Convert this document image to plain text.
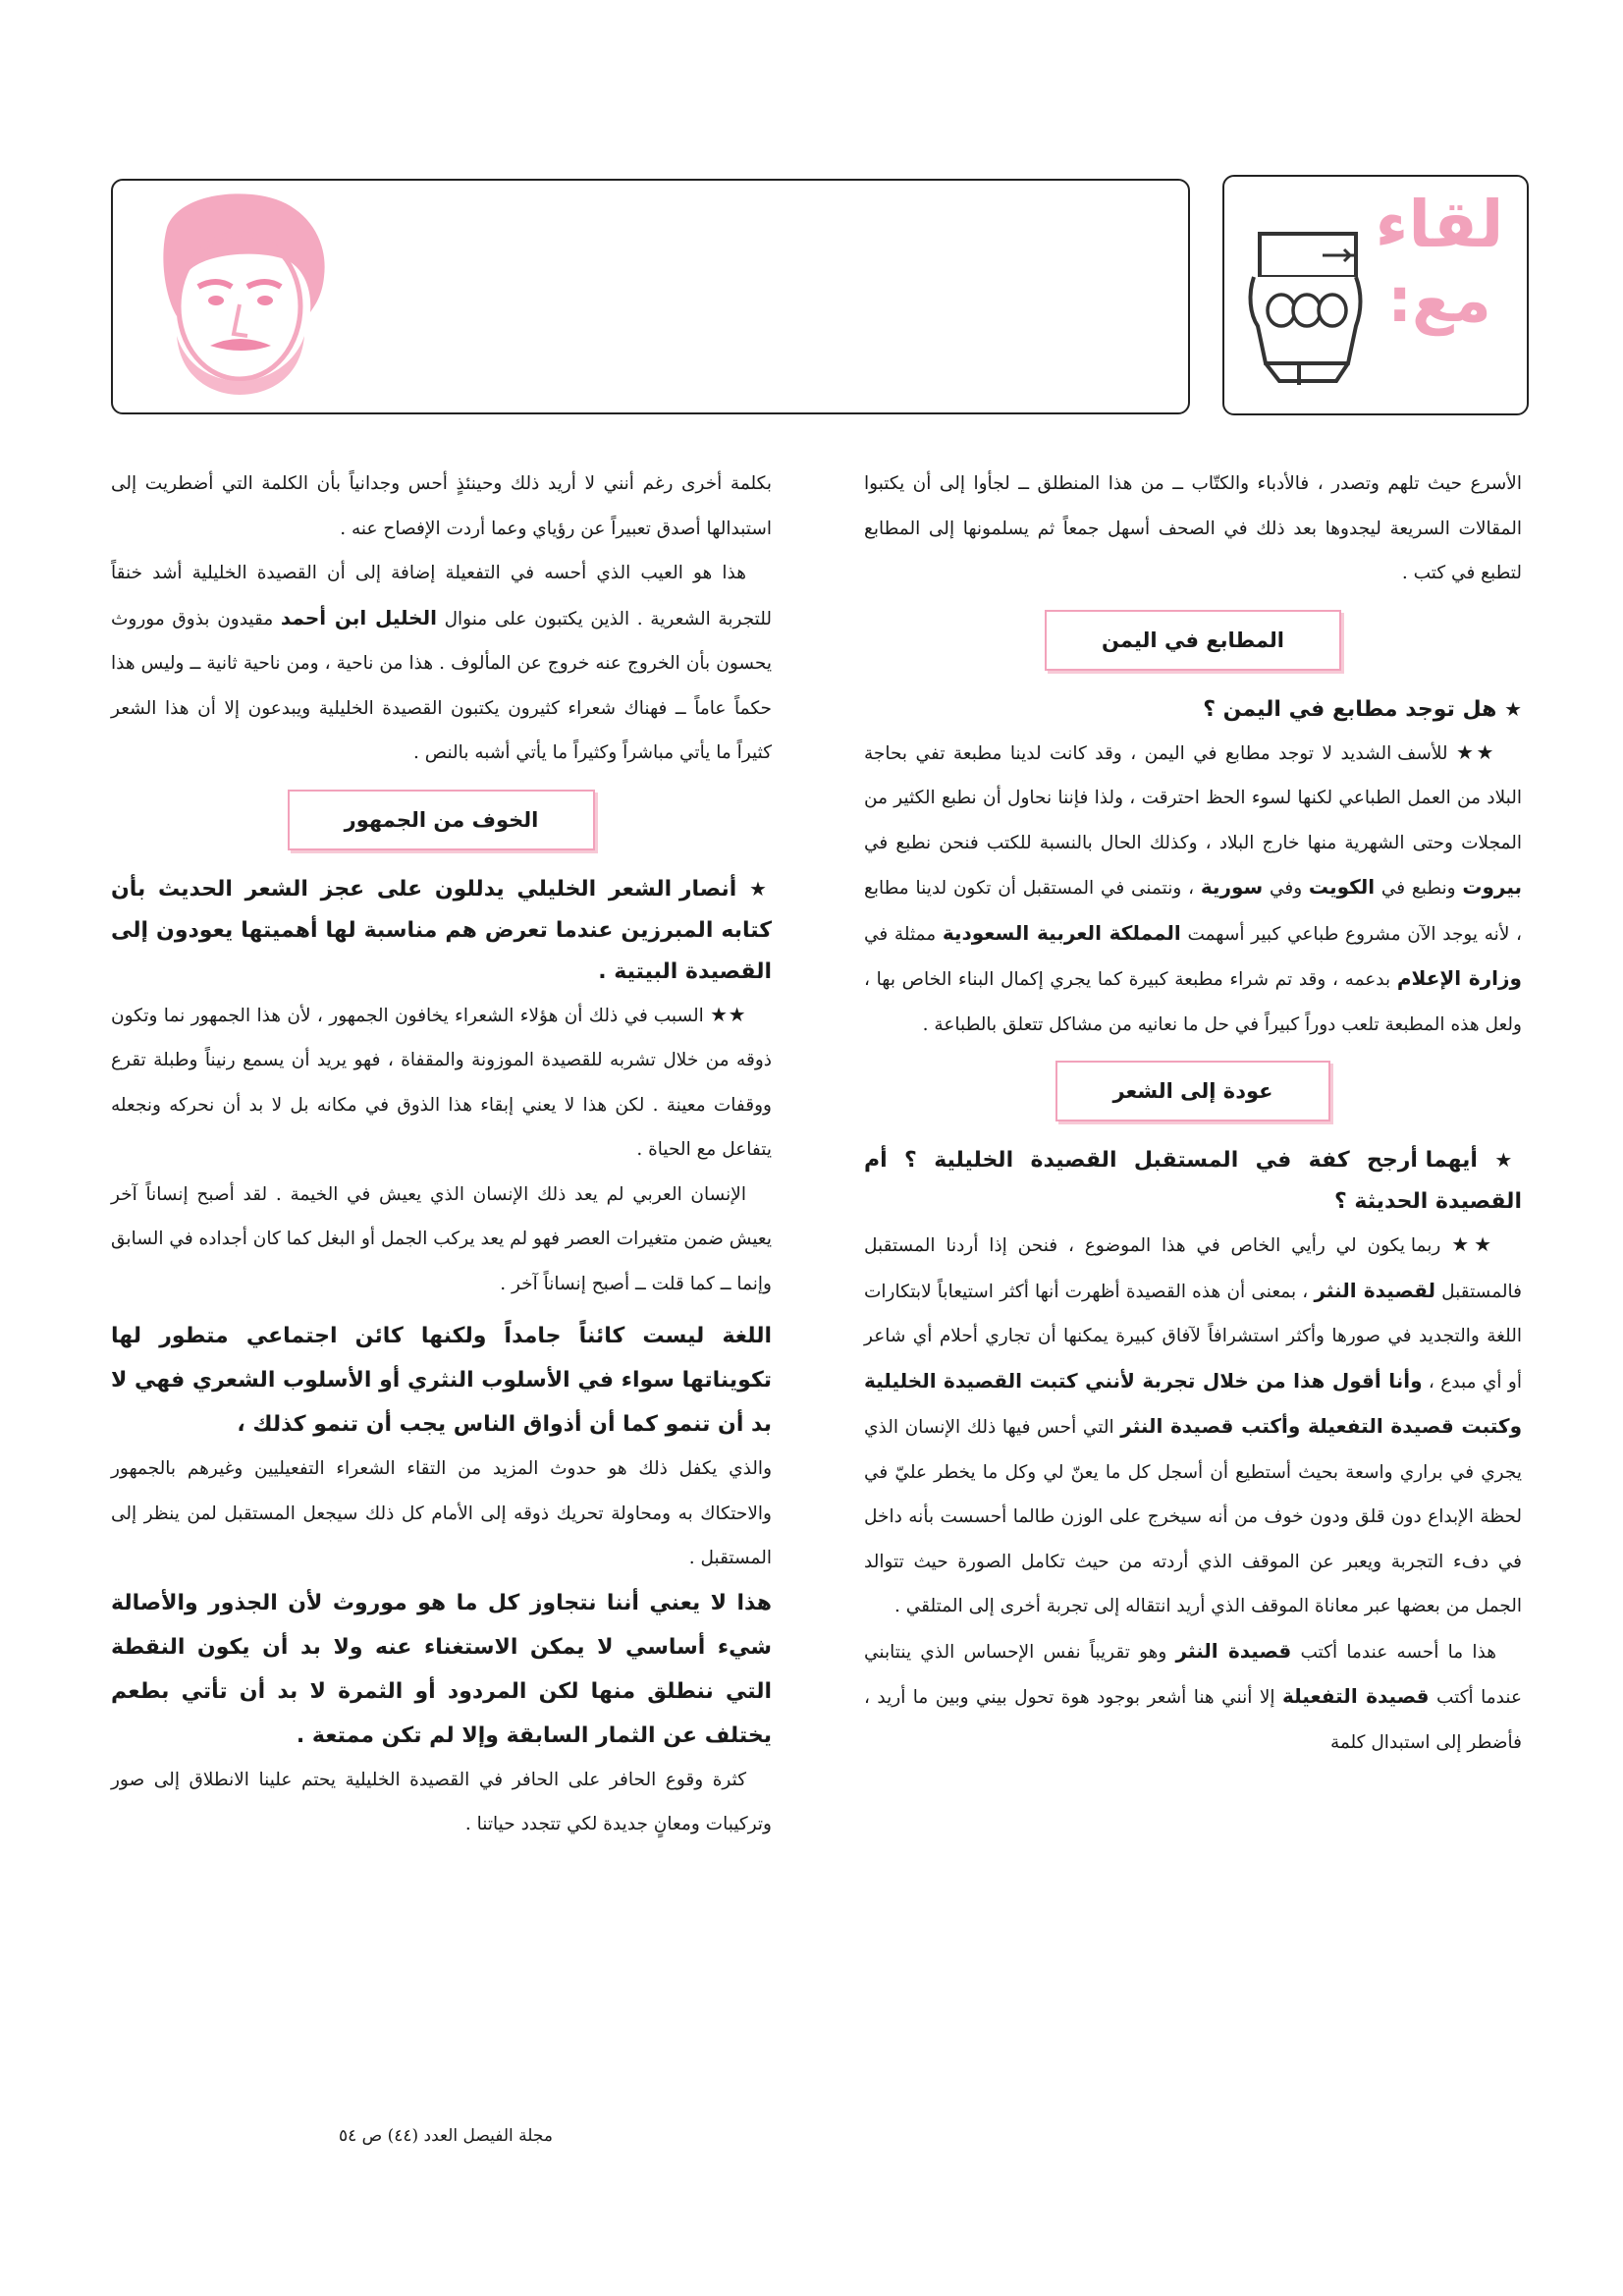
لقاء
مع:

الأسرع حيث تلهم وتصدر ، فالأدباء والكتّاب ــ من هذا المنطلق ــ لجأوا إلى أن يكتبوا المقالات السريعة ليجدوها بعد ذلك في الصحف أسهل جمعاً ثم يسلمونها إلى المطابع لتطبع في كتب .

المطابع في اليمن

★ هل توجد مطابع في اليمن ؟

★★ للأسف الشديد لا توجد مطابع في اليمن ، وقد كانت لدينا مطبعة تفي بحاجة البلاد من العمل الطباعي لكنها لسوء الحظ احترقت ، ولذا فإننا نحاول أن نطبع الكثير من المجلات وحتى الشهرية منها خارج البلاد ، وكذلك الحال بالنسبة للكتب فنحن نطبع في بيروت ونطبع في الكويت وفي سورية ، ونتمنى في المستقبل أن تكون لدينا مطابع ، لأنه يوجد الآن مشروع طباعي كبير أسهمت المملكة العربية السعودية ممثلة في وزارة الإعلام بدعمه ، وقد تم شراء مطبعة كبيرة كما يجري إكمال البناء الخاص بها ، ولعل هذه المطبعة تلعب دوراً كبيراً في حل ما نعانيه من مشاكل تتعلق بالطباعة .

عودة إلى الشعر

★ أيهما أرجح كفة في المستقبل القصيدة الخليلية ؟ أم القصيدة الحديثة ؟

★★ ربما يكون لي رأيي الخاص في هذا الموضوع ، فنحن إذا أردنا المستقبل فالمستقبل لقصيدة النثر ، بمعنى أن هذه القصيدة أظهرت أنها أكثر استيعاباً لابتكارات اللغة والتجديد في صورها وأكثر استشرافاً لآفاق كبيرة يمكنها أن تجاري أحلام أي شاعر أو أي مبدع ، وأنا أقول هذا من خلال تجربة لأنني كتبت القصيدة الخليلية وكتبت قصيدة التفعيلة وأكتب قصيدة النثر التي أحس فيها ذلك الإنسان الذي يجري في براري واسعة بحيث أستطيع أن أسجل كل ما يعنّ لي وكل ما يخطر عليّ في لحظة الإبداع دون قلق ودون خوف من أنه سيخرج على الوزن طالما أحسست بأنه داخل في دفء التجربة ويعبر عن الموقف الذي أردته من حيث تكامل الصورة حيث تتوالد الجمل من بعضها عبر معاناة الموقف الذي أريد انتقاله إلى تجربة أخرى إلى المتلقي .

هذا ما أحسه عندما أكتب قصيدة النثر وهو تقريباً نفس الإحساس الذي ينتابني عندما أكتب قصيدة التفعيلة إلا أنني هنا أشعر بوجود هوة تحول بيني وبين ما أريد ، فأضطر إلى استبدال كلمة

بكلمة أخرى رغم أنني لا أريد ذلك وحينئذٍ أحس وجدانياً بأن الكلمة التي أضطريت إلى استبدالها أصدق تعبيراً عن رؤياي وعما أردت الإفصاح عنه .

هذا هو العيب الذي أحسه في التفعيلة إضافة إلى أن القصيدة الخليلية أشد خنقاً للتجربة الشعرية . الذين يكتبون على منوال الخليل ابن أحمد مقيدون بذوق موروث يحسون بأن الخروج عنه خروج عن المألوف . هذا من ناحية ، ومن ناحية ثانية ــ وليس هذا حكماً عاماً ــ فهناك شعراء كثيرون يكتبون القصيدة الخليلية ويبدعون إلا أن هذا الشعر كثيراً ما يأتي مباشراً وكثيراً ما يأتي أشبه بالنص .

الخوف من الجمهور

★ أنصار الشعر الخليلي يدللون على عجز الشعر الحديث بأن كتابه المبرزين عندما تعرض هم مناسبة لها أهميتها يعودون إلى القصيدة البيتية .

★★ السبب في ذلك أن هؤلاء الشعراء يخافون الجمهور ، لأن هذا الجمهور نما وتكون ذوقه من خلال تشربه للقصيدة الموزونة والمقفاة ، فهو يريد أن يسمع رنيناً وطبلة تقرع ووقفات معينة . لكن هذا لا يعني إبقاء هذا الذوق في مكانه بل لا بد أن نحركه ونجعله يتفاعل مع الحياة .

الإنسان العربي لم يعد ذلك الإنسان الذي يعيش في الخيمة . لقد أصبح إنساناً آخر يعيش ضمن متغيرات العصر فهو لم يعد يركب الجمل أو البغل كما كان أجداده في السابق وإنما ــ كما قلت ــ أصبح إنساناً آخر .

اللغة ليست كائناً جامداً ولكنها كائن اجتماعي متطور لها تكويناتها سواء في الأسلوب النثري أو الأسلوب الشعري فهي لا بد أن تنمو كما أن أذواق الناس يجب أن تنمو كذلك ،

والذي يكفل ذلك هو حدوث المزيد من التقاء الشعراء التفعيليين وغيرهم بالجمهور والاحتكاك به ومحاولة تحريك ذوقه إلى الأمام كل ذلك سيجعل المستقبل لمن ينظر إلى المستقبل .

هذا لا يعني أننا نتجاوز كل ما هو موروث لأن الجذور والأصالة شيء أساسي لا يمكن الاستغناء عنه ولا بد أن يكون النقطة التي ننطلق منها لكن المردود أو الثمرة لا بد أن تأتي بطعم يختلف عن الثمار السابقة وإلا لم تكن ممتعة .

كثرة وقوع الحافر على الحافر في القصيدة الخليلية يحتم علينا الانطلاق إلى صور وتركيبات ومعانٍ جديدة لكي تتجدد حياتنا .

مجلة الفيصل العدد (٤٤) ص ٥٤
